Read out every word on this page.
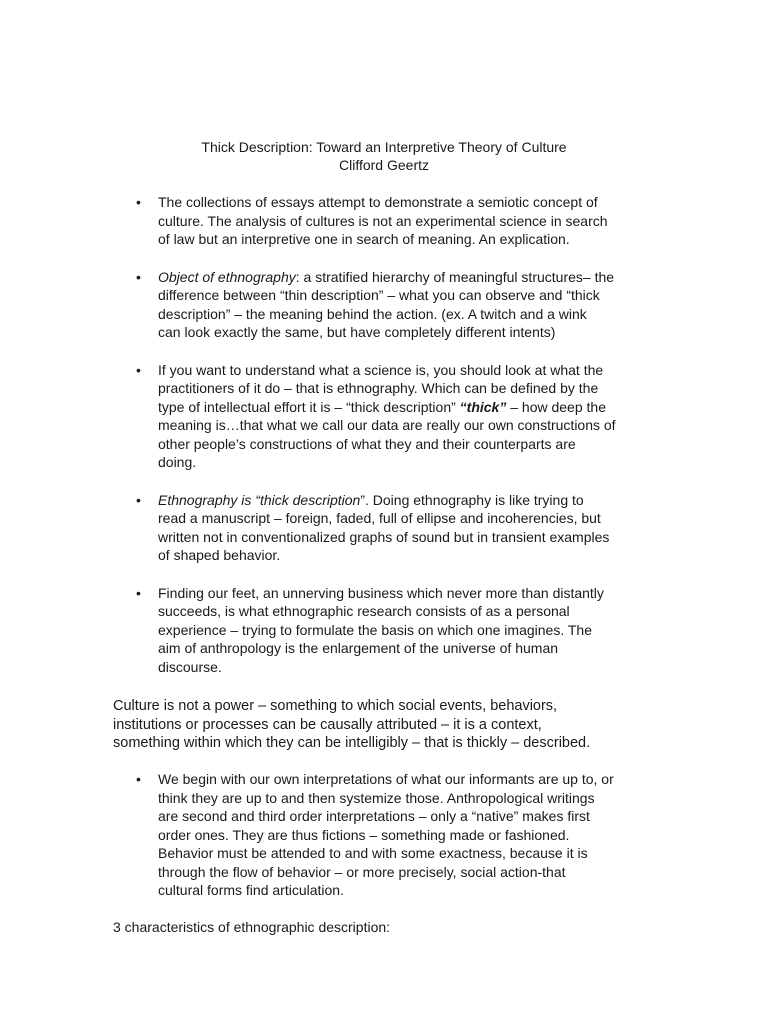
Thick Description: Toward an Interpretive Theory of Culture
Clifford Geertz
• The collections of essays attempt to demonstrate a semiotic concept of
culture. The analysis of cultures is not an experimental science in search
of law but an interpretive one in search of meaning. An explication.
• Object of ethnography: a stratified hierarchy of meaningful structures– the
difference between “thin description” – what you can observe and “thick
description” – the meaning behind the action. (ex. A twitch and a wink
can look exactly the same, but have completely different intents)
• If you want to understand what a science is, you should look at what the
practitioners of it do – that is ethnography. Which can be defined by the
type of intellectual effort it is – “thick description” “thick” – how deep the
meaning is…that what we call our data are really our own constructions of
other people’s constructions of what they and their counterparts are
doing.
• Ethnography is “thick description”. Doing ethnography is like trying to
read a manuscript – foreign, faded, full of ellipse and incoherencies, but
written not in conventionalized graphs of sound but in transient examples
of shaped behavior.
• Finding our feet, an unnerving business which never more than distantly
succeeds, is what ethnographic research consists of as a personal
experience – trying to formulate the basis on which one imagines. The
aim of anthropology is the enlargement of the universe of human
discourse.
Culture is not a power – something to which social events, behaviors,
institutions or processes can be causally attributed – it is a context,
something within which they can be intelligibly – that is thickly – described.
• We begin with our own interpretations of what our informants are up to, or
think they are up to and then systemize those. Anthropological writings
are second and third order interpretations – only a “native” makes first
order ones. They are thus fictions – something made or fashioned.
Behavior must be attended to and with some exactness, because it is
through the flow of behavior – or more precisely, social action-that
cultural forms find articulation.
3 characteristics of ethnographic description:
